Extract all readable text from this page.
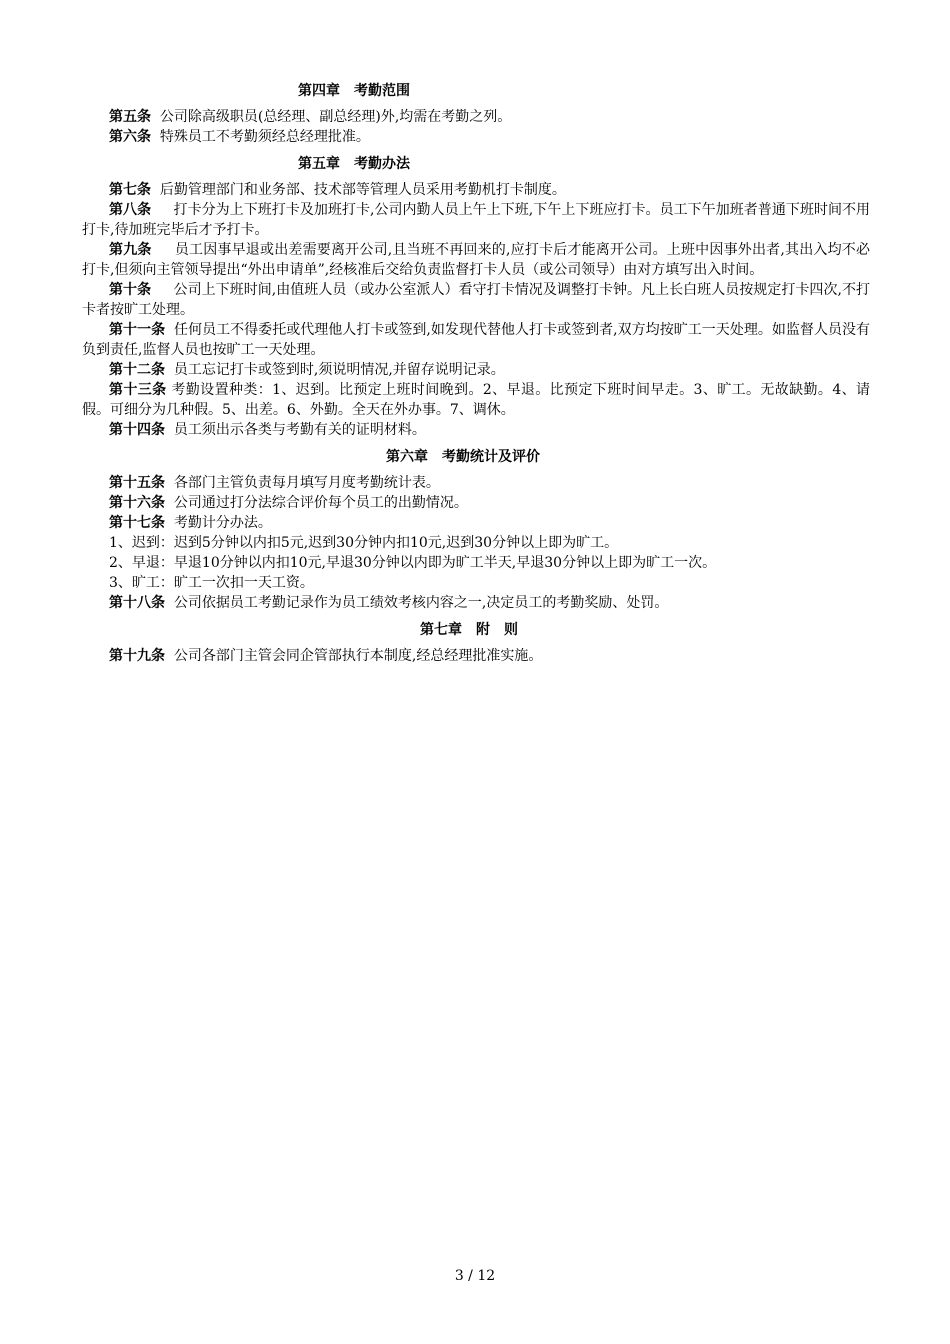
第四章　考勤范围

第五条 公司除高级职员(总经理、副总经理)外,均需在考勤之列。

第六条 特殊员工不考勤须经总经理批准。

第五章　考勤办法

第七条 后勤管理部门和业务部、技术部等管理人员采用考勤机打卡制度。

第八条 打卡分为上下班打卡及加班打卡,公司内勤人员上午上下班,下午上下班应打卡。员工下午加班者普通下班时间不用打卡,待加班完毕后才予打卡。

第九条 员工因事早退或出差需要离开公司,且当班不再回来的,应打卡后才能离开公司。上班中因事外出者,其出入均不必打卡,但须向主管领导提出“外出申请单”,经核准后交给负责监督打卡人员（或公司领导）由对方填写出入时间。

第十条 公司上下班时间,由值班人员（或办公室派人）看守打卡情况及调整打卡钟。凡上长白班人员按规定打卡四次,不打卡者按旷工处理。

第十一条 任何员工不得委托或代理他人打卡或签到,如发现代替他人打卡或签到者,双方均按旷工一天处理。如监督人员没有负到责任,监督人员也按旷工一天处理。

第十二条 员工忘记打卡或签到时,须说明情况,并留存说明记录。

第十三条 考勤设置种类：1、迟到。比预定上班时间晚到。2、早退。比预定下班时间早走。3、旷工。无故缺勤。4、请假。可细分为几种假。5、出差。6、外勤。全天在外办事。7、调休。

第十四条 员工须出示各类与考勤有关的证明材料。

第六章　考勤统计及评价

第十五条 各部门主管负责每月填写月度考勤统计表。

第十六条 公司通过打分法综合评价每个员工的出勤情况。

第十七条 考勤计分办法。

1、迟到：迟到5分钟以内扣5元,迟到30分钟内扣10元,迟到30分钟以上即为旷工。

2、早退：早退10分钟以内扣10元,早退30分钟以内即为旷工半天,早退30分钟以上即为旷工一次。

3、旷工：旷工一次扣一天工资。

第十八条 公司依据员工考勤记录作为员工绩效考核内容之一,决定员工的考勤奖励、处罚。

第七章　附　则

第十九条 公司各部门主管会同企管部执行本制度,经总经理批准实施。

3 / 12
